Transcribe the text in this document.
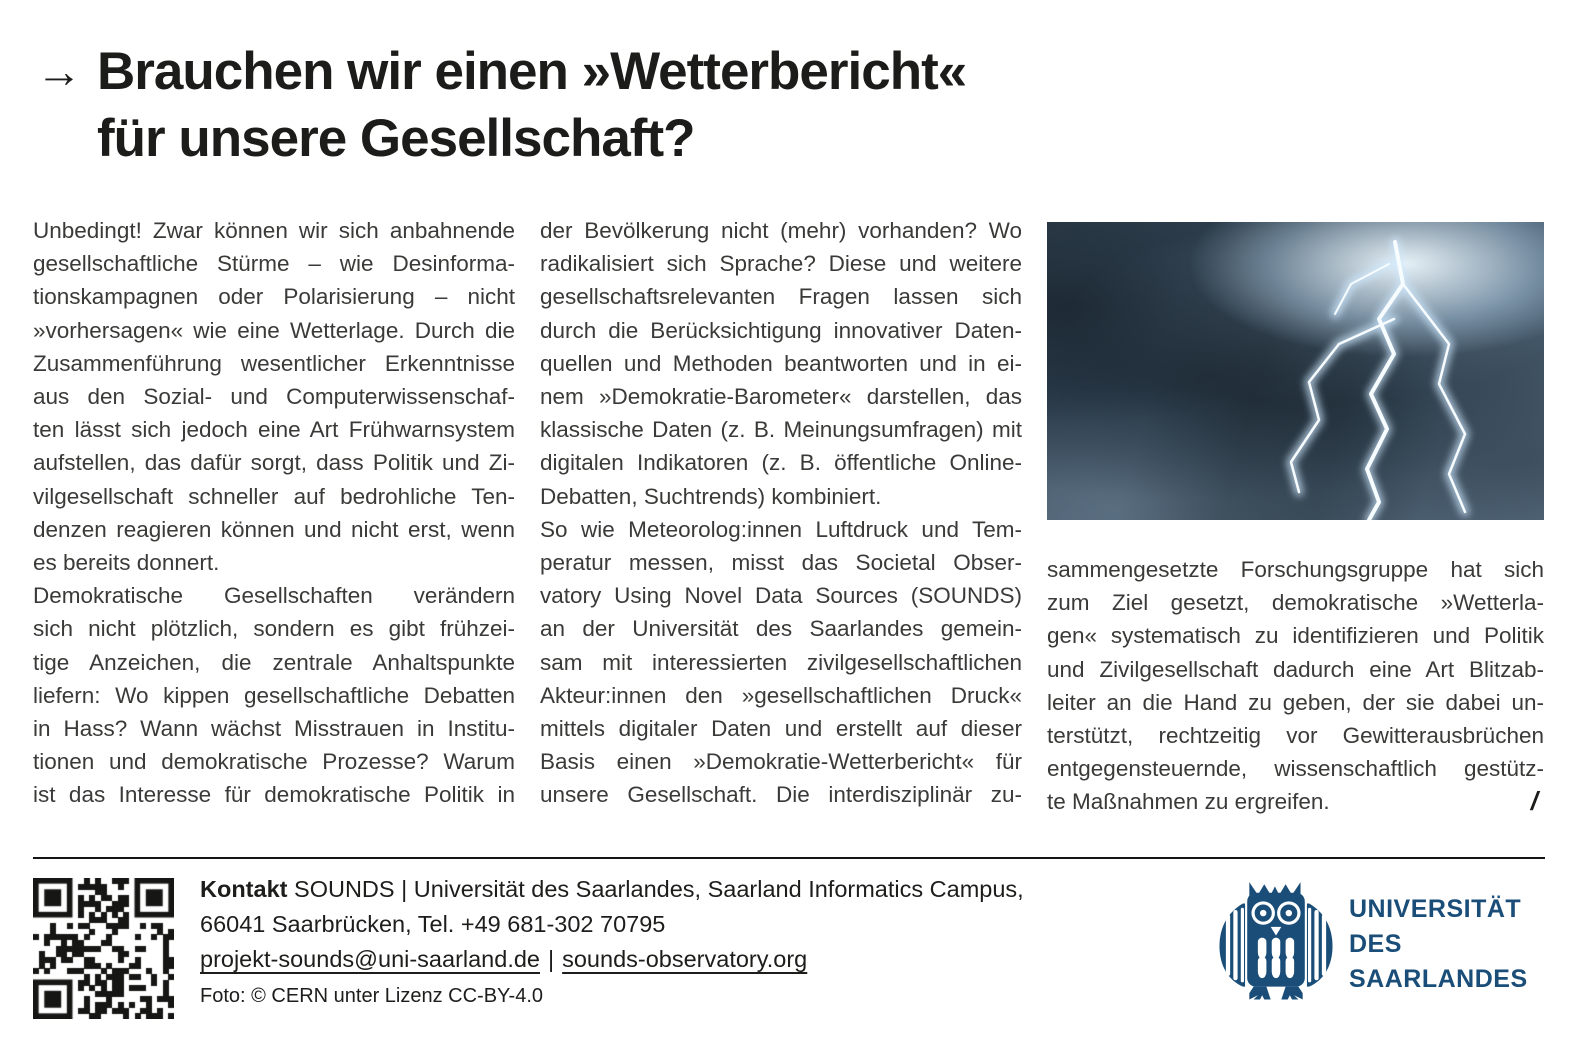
→ Brauchen wir einen »Wetterbericht«
für unsere Gesellschaft?
Unbedingt! Zwar können wir sich anbahnende
gesellschaftliche Stürme – wie Desinforma-
tionskampagnen oder Polarisierung – nicht
»vorhersagen« wie eine Wetterlage. Durch die
Zusammenführung wesentlicher Erkenntnisse
aus den Sozial- und Computerwissenschaf-
ten lässt sich jedoch eine Art Frühwarnsystem
aufstellen, das dafür sorgt, dass Politik und Zi-
vilgesellschaft schneller auf bedrohliche Ten-
denzen reagieren können und nicht erst, wenn
es bereits donnert.
Demokratische Gesellschaften verändern
sich nicht plötzlich, sondern es gibt frühzei-
tige Anzeichen, die zentrale Anhaltspunkte
liefern: Wo kippen gesellschaftliche Debatten
in Hass? Wann wächst Misstrauen in Institu-
tionen und demokratische Prozesse? Warum
ist das Interesse für demokratische Politik in
der Bevölkerung nicht (mehr) vorhanden? Wo
radikalisiert sich Sprache? Diese und weitere
gesellschaftsrelevanten Fragen lassen sich
durch die Berücksichtigung innovativer Daten-
quellen und Methoden beantworten und in ei-
nem »Demokratie-Barometer« darstellen, das
klassische Daten (z. B. Meinungsumfragen) mit
digitalen Indikatoren (z. B. öffentliche Online-
Debatten, Suchtrends) kombiniert.
So wie Meteorolog:innen Luftdruck und Tem-
peratur messen, misst das Societal Obser-
vatory Using Novel Data Sources (SOUNDS)
an der Universität des Saarlandes gemein-
sam mit interessierten zivilgesellschaftlichen
Akteur:innen den »gesellschaftlichen Druck«
mittels digitaler Daten und erstellt auf dieser
Basis einen »Demokratie-Wetterbericht« für
unsere Gesellschaft. Die interdisziplinär zu-	/
sammengesetzte Forschungsgruppe hat sich
zum Ziel gesetzt, demokratische »Wetterla-
gen« systematisch zu identifizieren und Politik
und Zivilgesellschaft dadurch eine Art Blitzab-
leiter an die Hand zu geben, der sie dabei un-
terstützt, rechtzeitig vor Gewitterausbrüchen
entgegensteuernde, wissenschaftlich gestütz-
te Maßnahmen zu ergreifen.
Kontakt SOUNDS | Universität des Saarlandes, Saarland Informatics Campus,
66041 Saarbrücken, Tel. +49 681-302 70795
projekt-sounds@uni-saarland.de | sounds-observatory.org
Foto: © CERN unter Lizenz CC-BY-4.0
UNIVERSITÄT
DES
SAARLANDES
